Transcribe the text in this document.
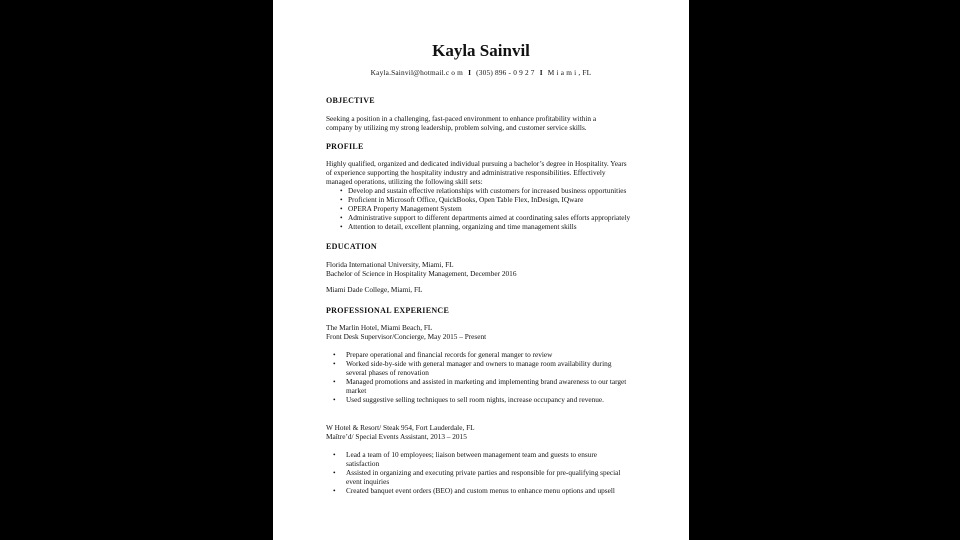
Kayla Sainvil
Kayla.Sainvil@hotmail.c o m I (305) 896 - 0 9 2 7 I M i a m i , FL
OBJECTIVE
Seeking a position in a challenging, fast-paced environment to enhance profitability within a
company by utilizing my strong leadership, problem solving, and customer service skills.
PROFILE
Highly qualified, organized and dedicated individual pursuing a bachelor’s degree in Hospitality. Years
of experience supporting the hospitality industry and administrative responsibilities. Effectively
managed operations, utilizing the following skill sets:
• Develop and sustain effective relationships with customers for increased business opportunities
• Proficient in Microsoft Office, QuickBooks, Open Table Flex, InDesign, IQware
• OPERA Property Management System
• Administrative support to different departments aimed at coordinating sales efforts appropriately
• Attention to detail, excellent planning, organizing and time management skills
EDUCATION
Florida International University, Miami, FL
Bachelor of Science in Hospitality Management, December 2016
Miami Dade College, Miami, FL
PROFESSIONAL EXPERIENCE
The Marlin Hotel, Miami Beach, FL
Front Desk Supervisor/Concierge, May 2015 – Present
• Prepare operational and financial records for general manger to review
• Worked side-by-side with general manager and owners to manage room availability during
several phases of renovation
• Managed promotions and assisted in marketing and implementing brand awareness to our target
market
• Used suggestive selling techniques to sell room nights, increase occupancy and revenue.
W Hotel & Resort/ Steak 954, Fort Lauderdale, FL
Maître’d/ Special Events Assistant, 2013 – 2015
• Lead a team of 10 employees; liaison between management team and guests to ensure
satisfaction
• Assisted in organizing and executing private parties and responsible for pre-qualifying special
event inquiries
• Created banquet event orders (BEO) and custom menus to enhance menu options and upsell
